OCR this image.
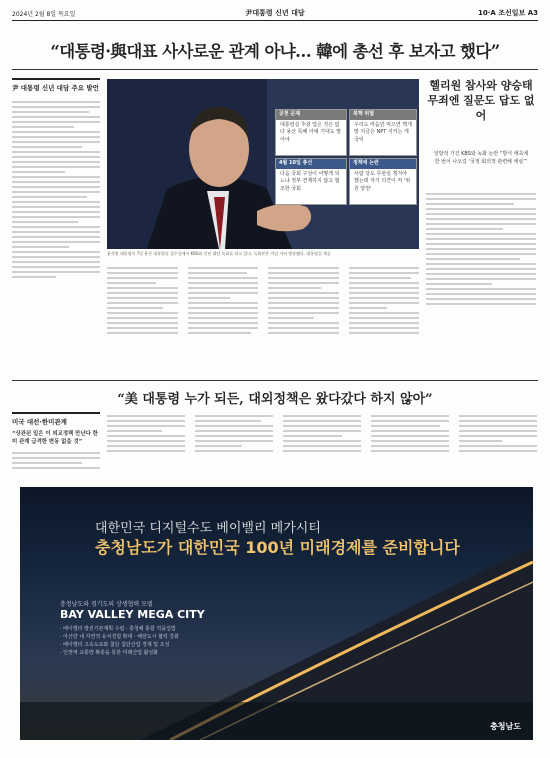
2024년 2월 8일 목요일	尹대통령 신년 대담	10·A 조선일보 A3
“대통령·與대표 사사로운 관계 아냐… 韓에 총선 후 보자고 했다”
尹 대통령 신년 대담 주요 발언
공천 문제
대통령실 후광 업은 것은 없다 용산 특혜 아예 기대도 말아야
북핵 위협
우리도 마음만 먹으면 핵개발 지금은 NPT 지키는 게 국익
4월 10일 총선
다음 국회 구성이 어떻게 되느냐 정부 견제하지 않고 협조한 국회
정책에 논란
사람 당도 무관심 챙겨야 했는데 자기 의견이 저 '위원 양천'
윤석열 대통령이 7일 용산 대통령실 집무실에서 KBS와 신년 대담 녹화를 하고 있다. 녹화본은 이날 저녁 방송됐다. 대통령실 제공
헬리원 참사와 양승태 무죄엔 질문도 답도 없어
일방적 가진 KBS와 녹화 논란 “방식 애초에 한 번이 나오길 ‘국정 회의적 관련해 세심’”
“美 대통령 누가 되든, 대외정책은 왔다갔다 하지 않아”
미국 대선·한미관계
“상관된 일은 이 외교정책 만난다 한미 관계 급격한 변동 없을 것”
대한민국 디지털수도 베이밸리 메가시티
충청남도가 대한민국 100년 미래경제를 준비합니다
충청남도와 경기도의 상생협력 모델
BAY VALLEY MEGA CITY
· 베이밸리 발전기본계획 수립 · 충청해 통합 적을입법
· 아산만 내 자연적 유치경험 확대 · 해양도시 협력 강화
· 베이밸리 고속도로와 첨단 첨단산업 경제 및 조성
· 인천역 교통망 확충을 통한 미래산업 활성화
충청남도
